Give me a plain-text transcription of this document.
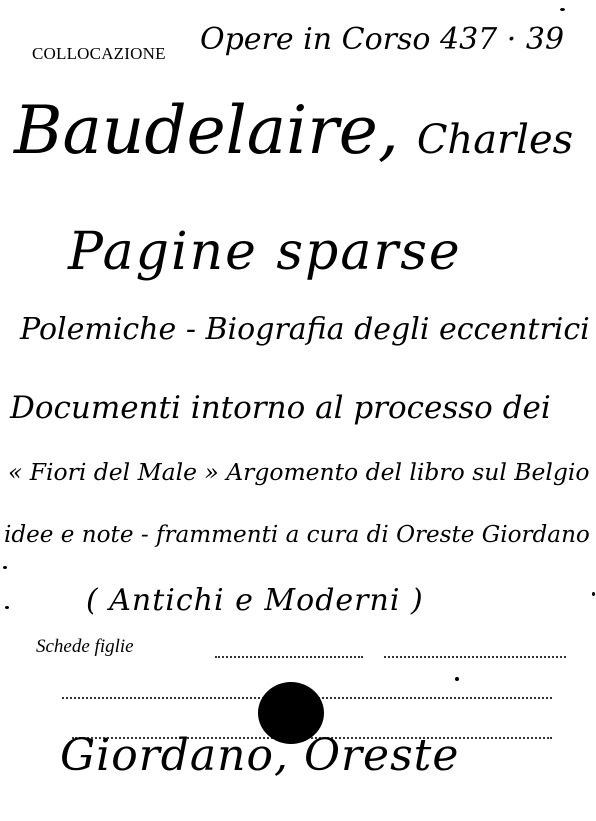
COLLOCAZIONE Opere in Corso 437 · 39
Baudelaire, Charles
Pagine sparse
Polemiche - Biografia degli eccentrici
Documenti intorno al processo dei
« Fiori del Male » Argomento del libro sul Belgio
idee e note - frammenti a cura di Oreste Giordano
( Antichi e Moderni )
Schede figlie
Giordano, Oreste
